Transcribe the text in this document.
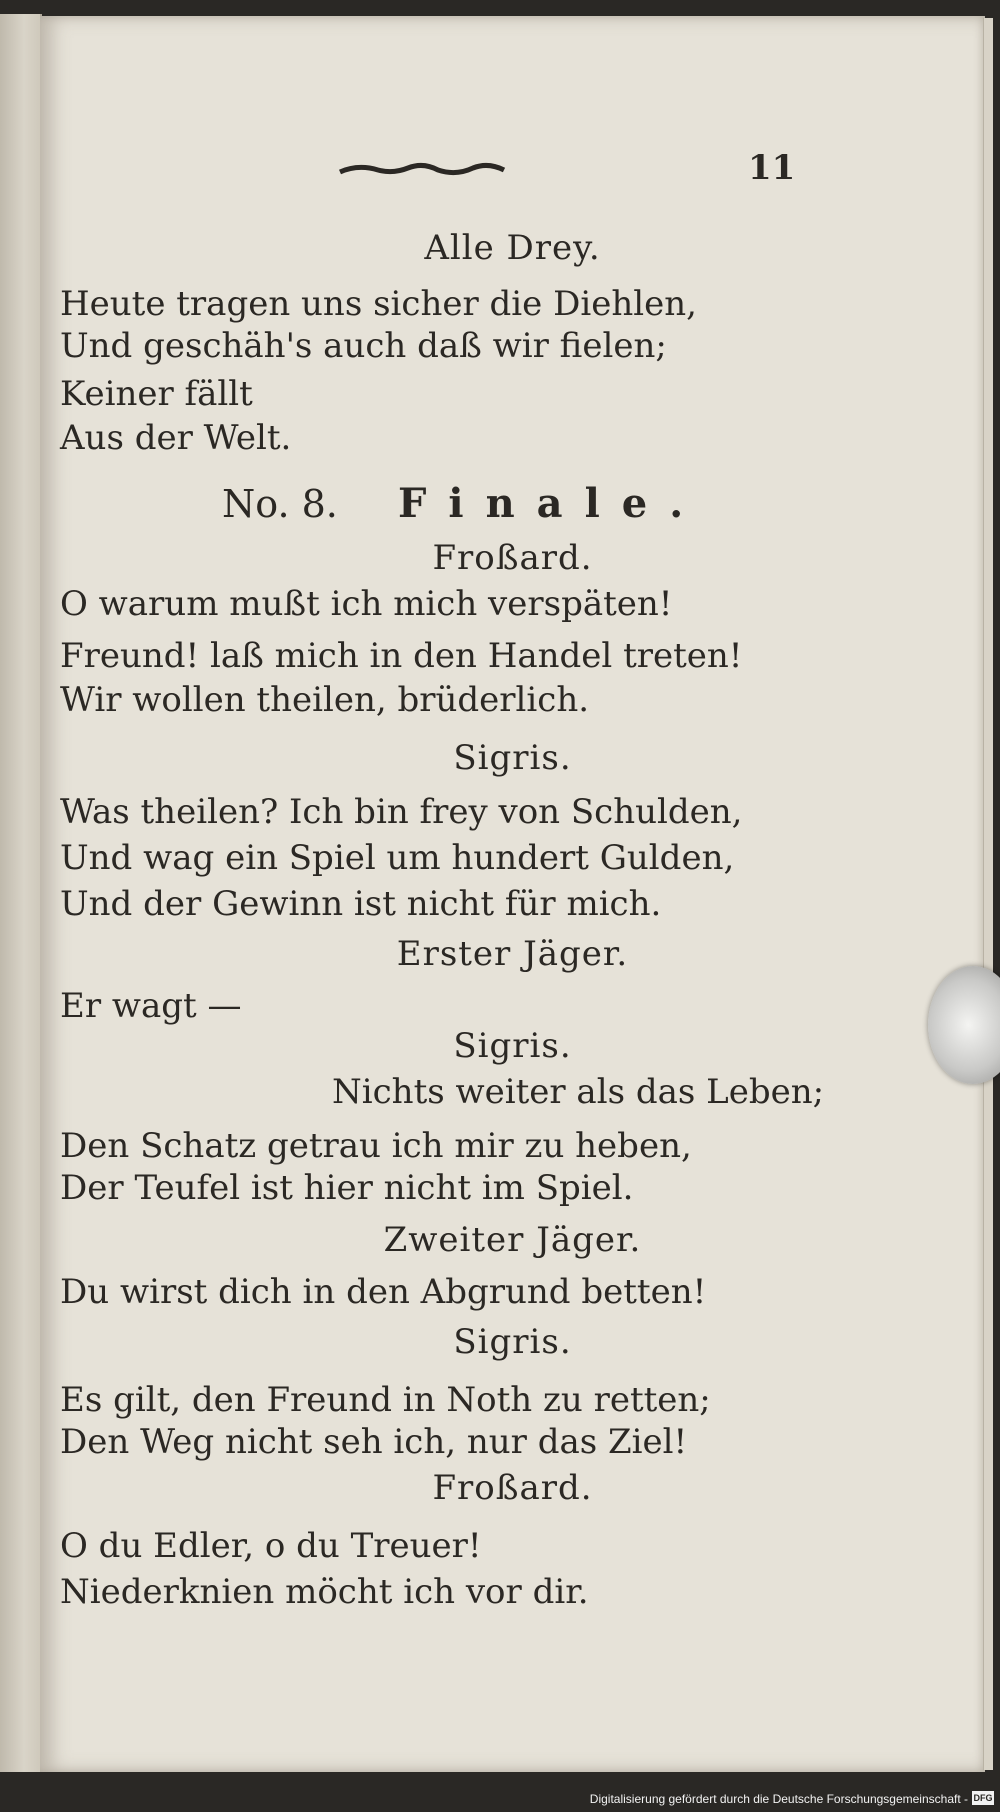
11
Alle Drey.
Heute tragen uns sicher die Diehlen,
Und geschäh's auch daß wir fielen;
Keiner fällt
Aus der Welt.
No. 8. Finale.
Froßard.
O warum mußt ich mich verspäten!
Freund! laß mich in den Handel treten!
Wir wollen theilen, brüderlich.
Sigris.
Was theilen? Ich bin frey von Schulden,
Und wag ein Spiel um hundert Gulden,
Und der Gewinn ist nicht für mich.
Erster Jäger.
Er wagt —
Sigris.
Nichts weiter als das Leben;
Den Schatz getrau ich mir zu heben,
Der Teufel ist hier nicht im Spiel.
Zweiter Jäger.
Du wirst dich in den Abgrund betten!
Sigris.
Es gilt, den Freund in Noth zu retten;
Den Weg nicht seh ich, nur das Ziel!
Froßard.
O du Edler, o du Treuer!
Niederknien möcht ich vor dir.
Digitalisierung gefördert durch die Deutsche Forschungsgemeinschaft - DFG
